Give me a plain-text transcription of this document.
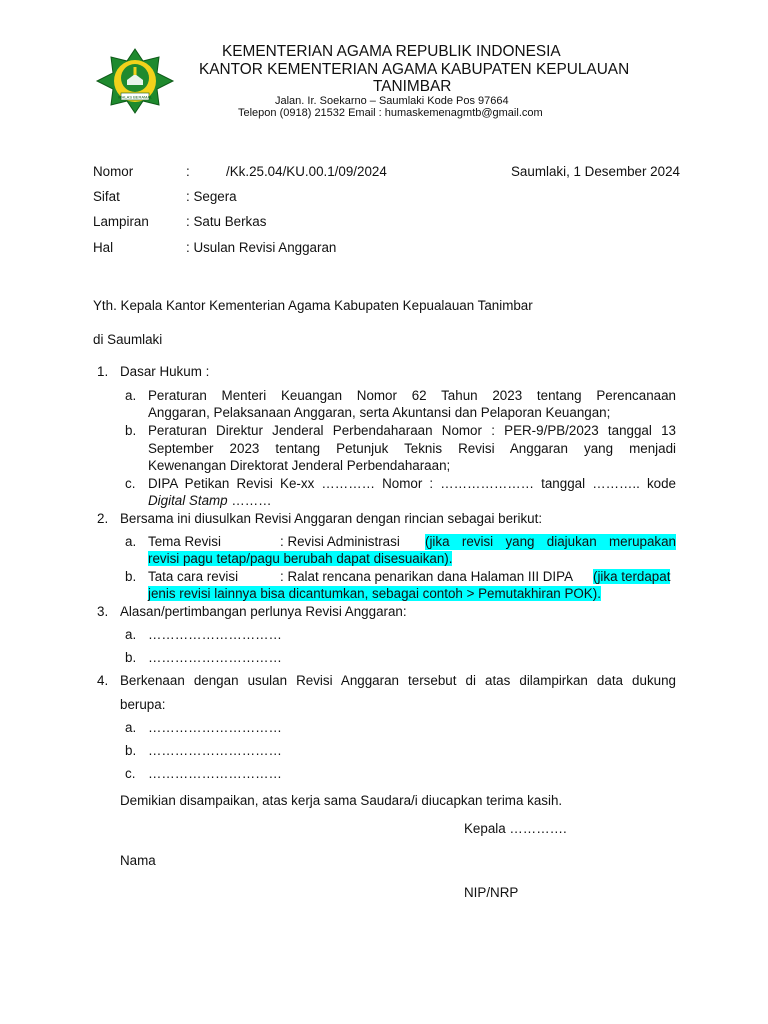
IKHLAS BERAMAL
KEMENTERIAN AGAMA REPUBLIK INDONESIA
KANTOR KEMENTERIAN AGAMA KABUPATEN KEPULAUAN
TANIMBAR
Jalan. Ir. Soekarno – Saumlaki Kode Pos 97664
Telepon (0918) 21532 Email : humaskemenagmtb@gmail.com
Nomor	:	/Kk.25.04/KU.00.1/09/2024	Saumlaki, 1 Desember 2024
Sifat	: Segera
Lampiran	: Satu Berkas
Hal	: Usulan Revisi Anggaran
Yth. Kepala Kantor Kementerian Agama Kabupaten Kepualauan Tanimbar
di Saumlaki
1. Dasar Hukum :
a. Peraturan Menteri Keuangan Nomor 62 Tahun 2023 tentang Perencanaan
Anggaran, Pelaksanaan Anggaran, serta Akuntansi dan Pelaporan Keuangan;
b. Peraturan Direktur Jenderal Perbendaharaan Nomor : PER-9/PB/2023 tanggal 13
September 2023 tentang Petunjuk Teknis Revisi Anggaran yang menjadi
Kewenangan Direktorat Jenderal Perbendaharaan;
c. DIPA Petikan Revisi Ke-xx ………… Nomor : ………………… tanggal ……….. kode
Digital Stamp ………
2. Bersama ini diusulkan Revisi Anggaran dengan rincian sebagai berikut:
a. Tema Revisi	: Revisi Administrasi (jika revisi yang diajukan merupakan
revisi pagu tetap/pagu berubah dapat disesuaikan).
b. Tata cara revisi	: Ralat rencana penarikan dana Halaman III DIPA (jika terdapat
jenis revisi lainnya bisa dicantumkan, sebagai contoh > Pemutakhiran POK).
3. Alasan/pertimbangan perlunya Revisi Anggaran:
a. …………………………
b. …………………………
4. Berkenaan dengan usulan Revisi Anggaran tersebut di atas dilampirkan data dukung
berupa:
a. …………………………
b. …………………………
c. …………………………
Demikian disampaikan, atas kerja sama Saudara/i diucapkan terima kasih.
Kepala ………….
Nama
NIP/NRP
